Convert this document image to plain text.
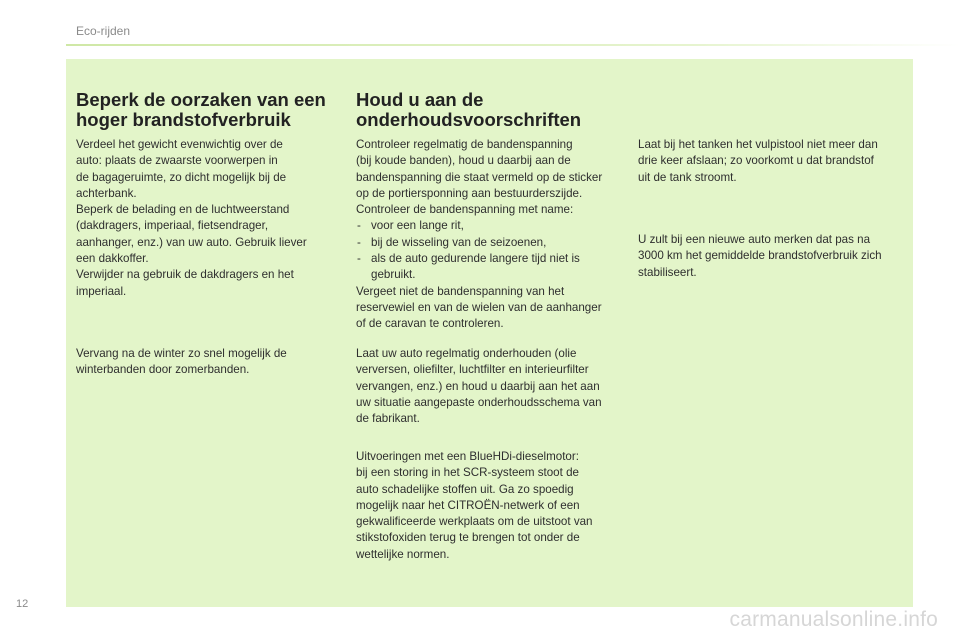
Eco-rijden
Beperk de oorzaken van een hoger brandstofverbruik

Verdeel het gewicht evenwichtig over de

auto: plaats de zwaarste voorwerpen in

de bagageruimte, zo dicht mogelijk bij de

achterbank.

Beperk de belading en de luchtweerstand

(dakdragers, imperiaal, fietsendrager,

aanhanger, enz.) van uw auto. Gebruik liever

een dakkoffer.

Verwijder na gebruik de dakdragers en het

imperiaal.

Vervang na de winter zo snel mogelijk de

winterbanden door zomerbanden.

Houd u aan de onderhoudsvoorschriften

Controleer regelmatig de bandenspanning

(bij koude banden), houd u daarbij aan de

bandenspanning die staat vermeld op de sticker

op de portiersponning aan bestuurderszijde.

Controleer de bandenspanning met name:

- voor een lange rit,
- bij de wisseling van de seizoenen,
- als de auto gedurende langere tijd niet is gebruikt.

Vergeet niet de bandenspanning van het

reservewiel en van de wielen van de aanhanger

of de caravan te controleren.

Laat uw auto regelmatig onderhouden (olie

verversen, oliefilter, luchtfilter en interieurfilter

vervangen, enz.) en houd u daarbij aan het aan

uw situatie aangepaste onderhoudsschema van

de fabrikant.

Uitvoeringen met een BlueHDi-dieselmotor:

bij een storing in het SCR-systeem stoot de

auto schadelijke stoffen uit. Ga zo spoedig

mogelijk naar het CITROËN-netwerk of een

gekwalificeerde werkplaats om de uitstoot van

stikstofoxiden terug te brengen tot onder de

wettelijke normen.

Laat bij het tanken het vulpistool niet meer dan

drie keer afslaan; zo voorkomt u dat brandstof

uit de tank stroomt.

U zult bij een nieuwe auto merken dat pas na

3000 km het gemiddelde brandstofverbruik zich

stabiliseert.

12
carmanualsonline.info
